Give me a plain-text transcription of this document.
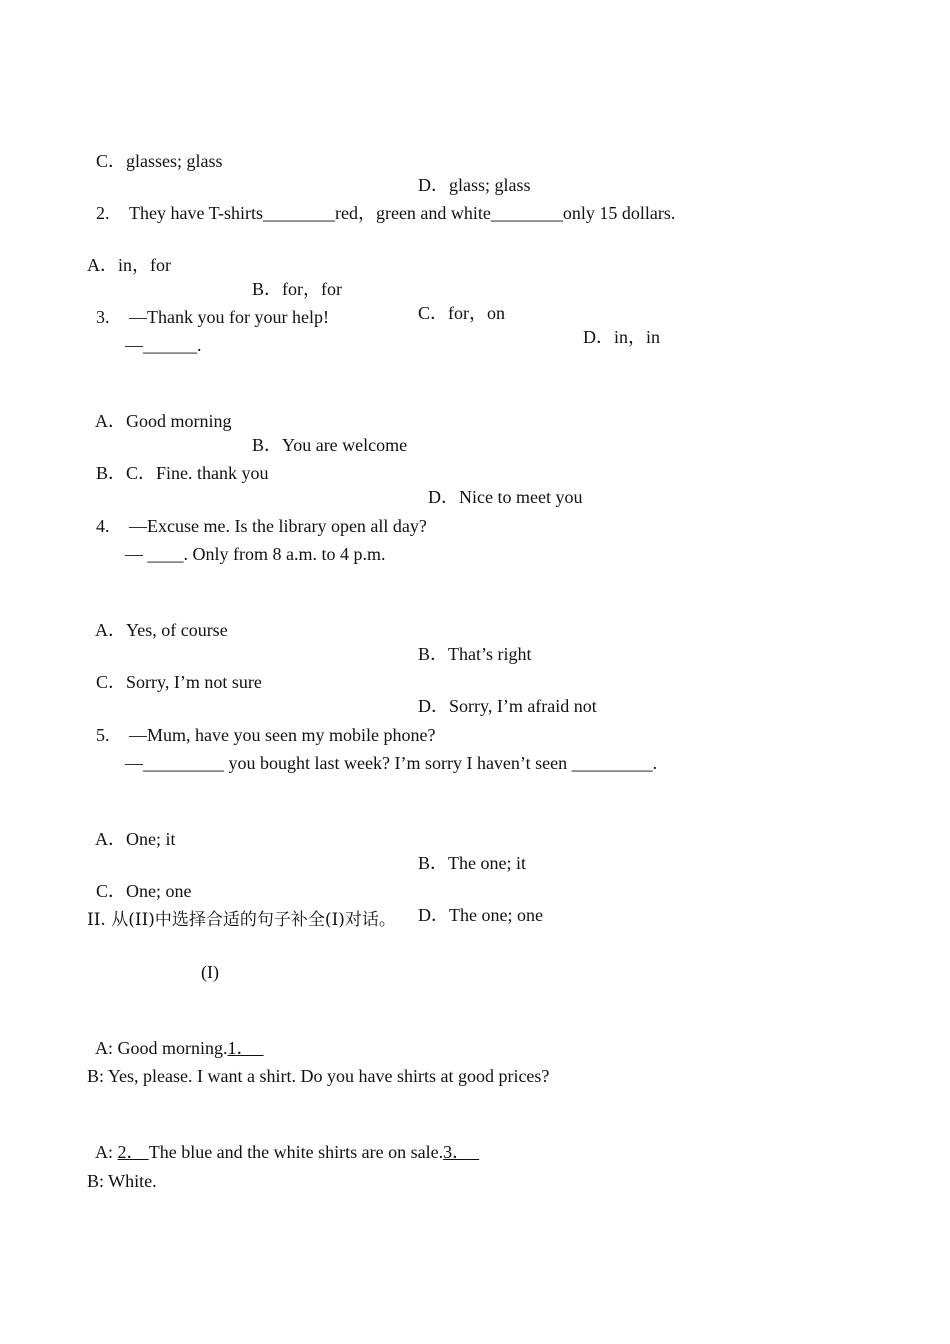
C．glasses; glass

D．glass; glass

2. They have T-shirts________red，green and white________only 15 dollars.

A．in，for

B．for，for

C．for，on

D．in，in

3. —Thank you for your help!

—______.

A．Good morning

B．You are welcome

B．C．Fine. thank you

D．Nice to meet you

4. —Excuse me. Is the library open all day?

— ____. Only from 8 a.m. to 4 p.m.

A．Yes, of course

B．That’s right

C．Sorry, I’m not sure

D．Sorry, I’m afraid not

5. —Mum, have you seen my mobile phone?

—_________ you bought last week? I’m sorry I haven’t seen _________.

A．One; it

B．The one; it

C．One; one

D．The one; one

II. 从(II)中选择合适的句子补全(I)对话。
(I)

A: Good morning.1．

B: Yes, please. I want a shirt. Do you have shirts at good prices?

A: 2． The blue and the white shirts are on sale.3．

B: White.
